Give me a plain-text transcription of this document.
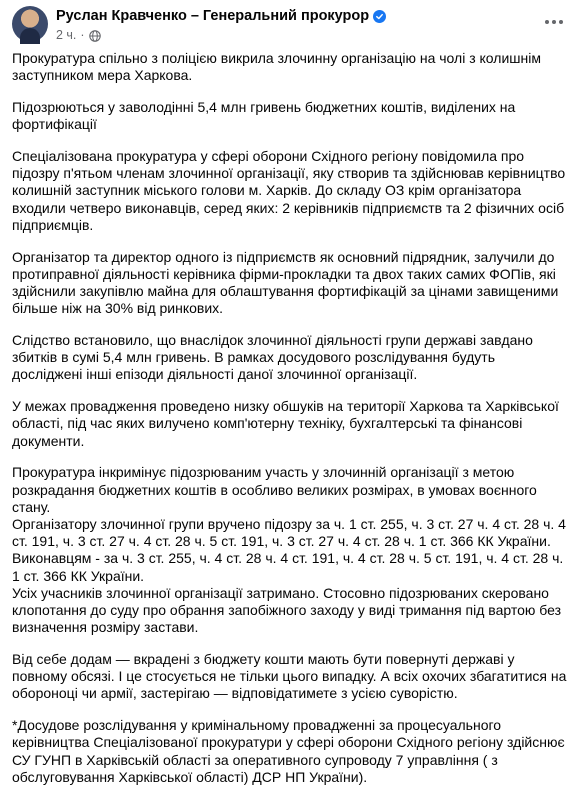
Руслан Кравченко – Генеральний прокурор
2 ч. ·

Прокуратура спільно з поліцією викрила злочинну організацію на чолі з колишнім заступником мера Харкова.

Підозрюються у заволодінні 5,4 млн гривень бюджетних коштів, виділених на фортифікації

Спеціалізована прокуратура у сфері оборони Східного регіону повідомила про підозру п'ятьом членам злочинної організації, яку створив та здійснював керівництво колишній заступник міського голови м. Харків. До складу ОЗ крім організатора входили четверо виконавців, серед яких: 2 керівників підприємств та 2 фізичних осіб підприємців.

Організатор та директор одного із підприємств як основний підрядник, залучили до протиправної діяльності керівника фірми-прокладки та двох таких самих ФОПів, які здійснили закупівлю майна для облаштування фортифікацій за цінами завищеними більше ніж на 30% від ринкових.

Слідство встановило, що внаслідок злочинної діяльності групи державі завдано збитків в сумі 5,4 млн гривень. В рамках досудового розслідування будуть досліджені інші епізоди діяльності даної злочинної організації.

У межах провадження проведено низку обшуків на території Харкова та Харківської області, під час яких вилучено комп'ютерну техніку, бухгалтерські та фінансові документи.

Прокуратура інкримінує підозрюваним участь у злочинній організації з метою розкрадання бюджетних коштів в особливо великих розмірах, в умовах воєнного стану.

Організатору злочинної групи вручено підозру за ч. 1 ст. 255, ч. 3 ст. 27 ч. 4 ст. 28 ч. 4 ст. 191, ч. 3 ст. 27 ч. 4 ст. 28 ч. 5 ст. 191, ч. 3 ст. 27 ч. 4 ст. 28 ч. 1 ст. 366 КК України.

Виконавцям - за ч. 3 ст. 255, ч. 4 ст. 28 ч. 4 ст. 191, ч. 4 ст. 28 ч. 5 ст. 191, ч. 4 ст. 28 ч. 1 ст. 366 КК України.

Усіх учасників злочинної організації затримано. Стосовно підозрюваних скеровано клопотання до суду про обрання запобіжного заходу у виді тримання під вартою без визначення розміру застави.

Від себе додам — вкрадені з бюджету кошти мають бути повернуті державі у повному обсязі. І це стосується не тільки цього випадку. А всіх охочих збагатитися на обороноці чи армії, застерігаю — відповідатимете з усією суворістю.

*Досудове розслідування у кримінальному провадженні за процесуального керівництва Спеціалізованої прокуратури у сфері оборони Східного регіону здійснює СУ ГУНП в Харківській області за оперативного супроводу 7 управління ( з обслуговування Харківської області) ДСР НП України).
